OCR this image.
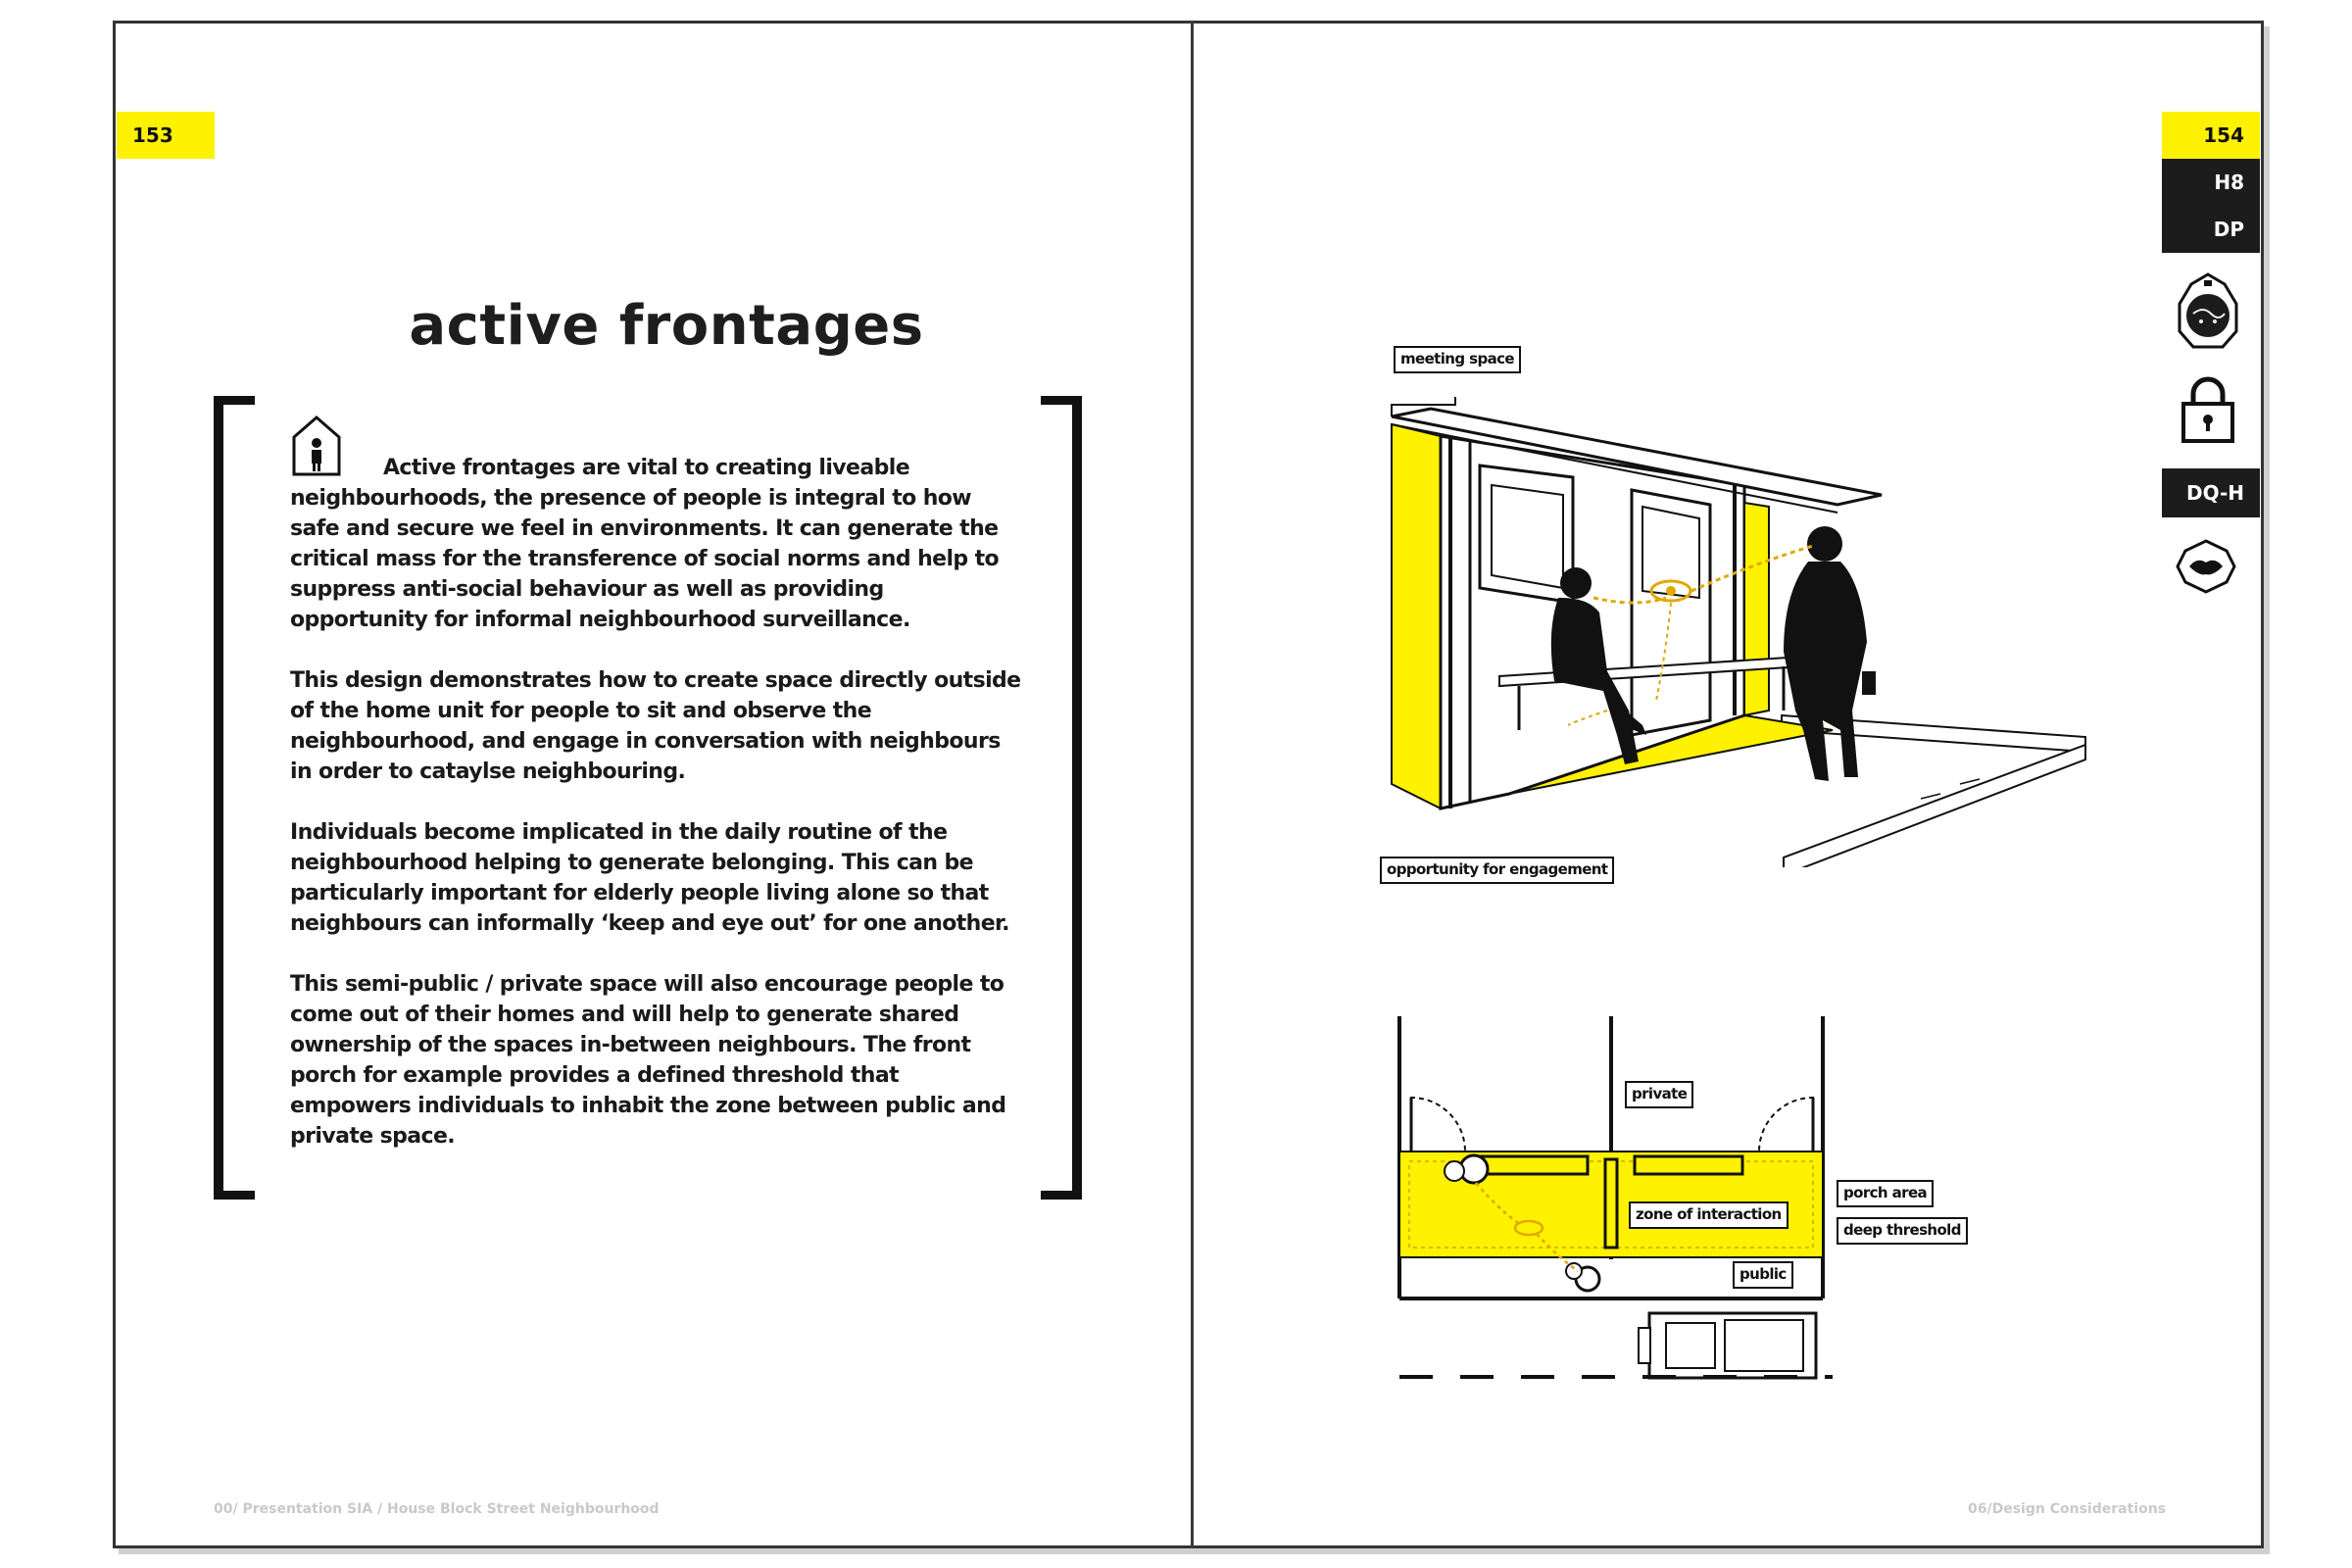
153
active frontages

Active frontages are vital to creating liveable neighbourhoods, the presence of people is integral to how safe and secure we feel in environments. It can generate the critical mass for the transference of social norms and help to suppress anti-social behaviour as well as providing opportunity for informal neighbourhood surveillance.

This design demonstrates how to create space directly outside of the home unit for people to sit and observe the neighbourhood, and engage in conversation with neighbours in order to cataylse neighbouring.

Individuals become implicated in the daily routine of the neighbourhood helping to generate belonging. This can be particularly important for elderly people living alone so that neighbours can informally ‘keep and eye out’ for one another.

This semi-public / private space will also encourage people to come out of their homes and will help to generate shared ownership of the spaces in-between neighbours. The front porch for example provides a defined threshold that empowers individuals to inhabit the zone between public and private space.

00/ Presentation SIA / House Block Street Neighbourhood
154
H8
DP
DQ-H
meeting space
opportunity for engagement
private
zone of interaction
porch area
deep threshold
public
06/Design Considerations
